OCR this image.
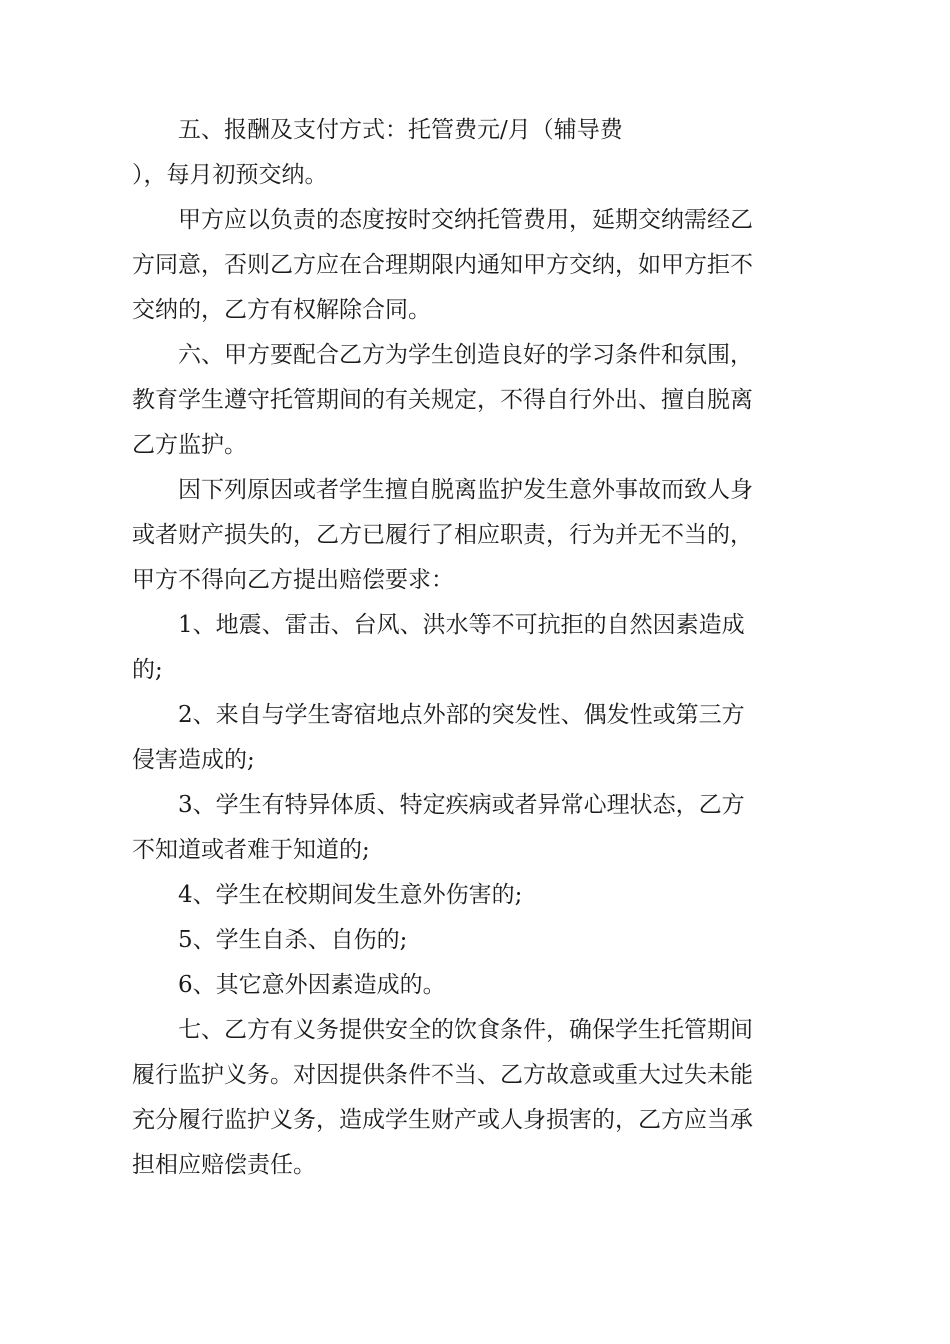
五、报酬及支付方式：托管费元/月（辅导费
），每月初预交纳。

甲方应以负责的态度按时交纳托管费用，延期交纳需经乙
方同意，否则乙方应在合理期限内通知甲方交纳，如甲方拒不
交纳的，乙方有权解除合同。

六、甲方要配合乙方为学生创造良好的学习条件和氛围，
教育学生遵守托管期间的有关规定，不得自行外出、擅自脱离
乙方监护。

因下列原因或者学生擅自脱离监护发生意外事故而致人身
或者财产损失的，乙方已履行了相应职责，行为并无不当的，
甲方不得向乙方提出赔偿要求：

1、地震、雷击、台风、洪水等不可抗拒的自然因素造成
的;

2、来自与学生寄宿地点外部的突发性、偶发性或第三方
侵害造成的;

3、学生有特异体质、特定疾病或者异常心理状态，乙方
不知道或者难于知道的;

4、学生在校期间发生意外伤害的;

5、学生自杀、自伤的;

6、其它意外因素造成的。

七、乙方有义务提供安全的饮食条件，确保学生托管期间
履行监护义务。对因提供条件不当、乙方故意或重大过失未能
充分履行监护义务，造成学生财产或人身损害的，乙方应当承
担相应赔偿责任。
